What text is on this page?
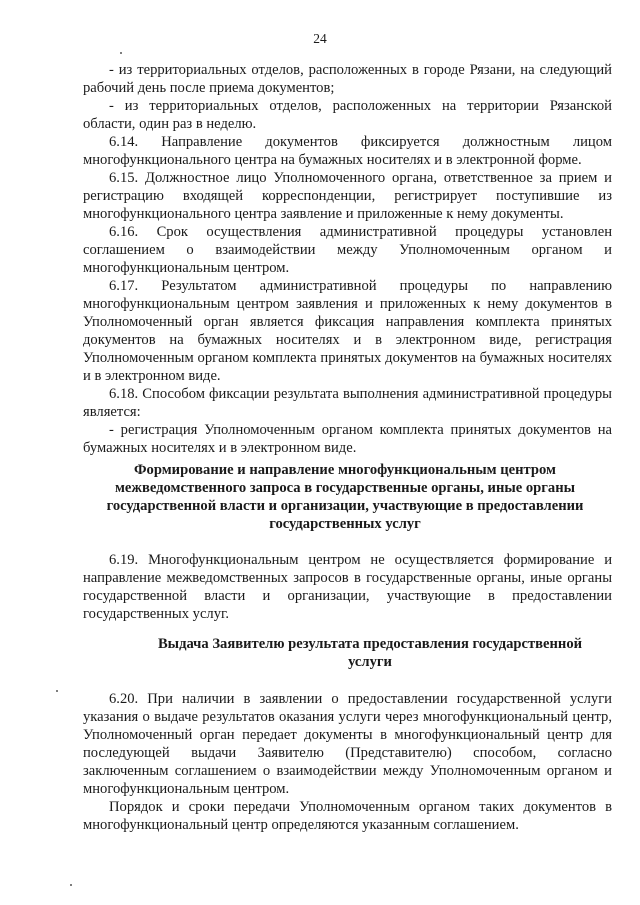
24

- из территориальных отделов, расположенных в городе Рязани, на следующий рабочий день после приема документов;

- из территориальных отделов, расположенных на территории Рязанской области, один раз в неделю.

6.14. Направление документов фиксируется должностным лицом многофункционального центра на бумажных носителях и в электронной форме.

6.15. Должностное лицо Уполномоченного органа, ответственное за прием и регистрацию входящей корреспонденции, регистрирует поступившие из многофункционального центра заявление и приложенные к нему документы.

6.16. Срок осуществления административной процедуры установлен соглашением о взаимодействии между Уполномоченным органом и многофункциональным центром.

6.17. Результатом административной процедуры по направлению многофункциональным центром заявления и приложенных к нему документов в Уполномоченный орган является фиксация направления комплекта принятых документов на бумажных носителях и в электронном виде, регистрация Уполномоченным органом комплекта принятых документов на бумажных носителях и в электронном виде.

6.18. Способом фиксации результата выполнения административной процедуры является:

- регистрация Уполномоченным органом комплекта принятых документов на бумажных носителях и в электронном виде.

Формирование и направление многофункциональным центром межведомственного запроса в государственные органы, иные органы государственной власти и организации, участвующие в предоставлении государственных услуг

6.19. Многофункциональным центром не осуществляется формирование и направление межведомственных запросов в государственные органы, иные органы государственной власти и организации, участвующие в предоставлении государственных услуг.

Выдача Заявителю результата предоставления государственной услуги

6.20. При наличии в заявлении о предоставлении государственной услуги указания о выдаче результатов оказания услуги через многофункциональный центр, Уполномоченный орган передает документы в многофункциональный центр для последующей выдачи Заявителю (Представителю) способом, согласно заключенным соглашением о взаимодействии между Уполномоченным органом и многофункциональным центром.

Порядок и сроки передачи Уполномоченным органом таких документов в многофункциональный центр определяются указанным соглашением.
